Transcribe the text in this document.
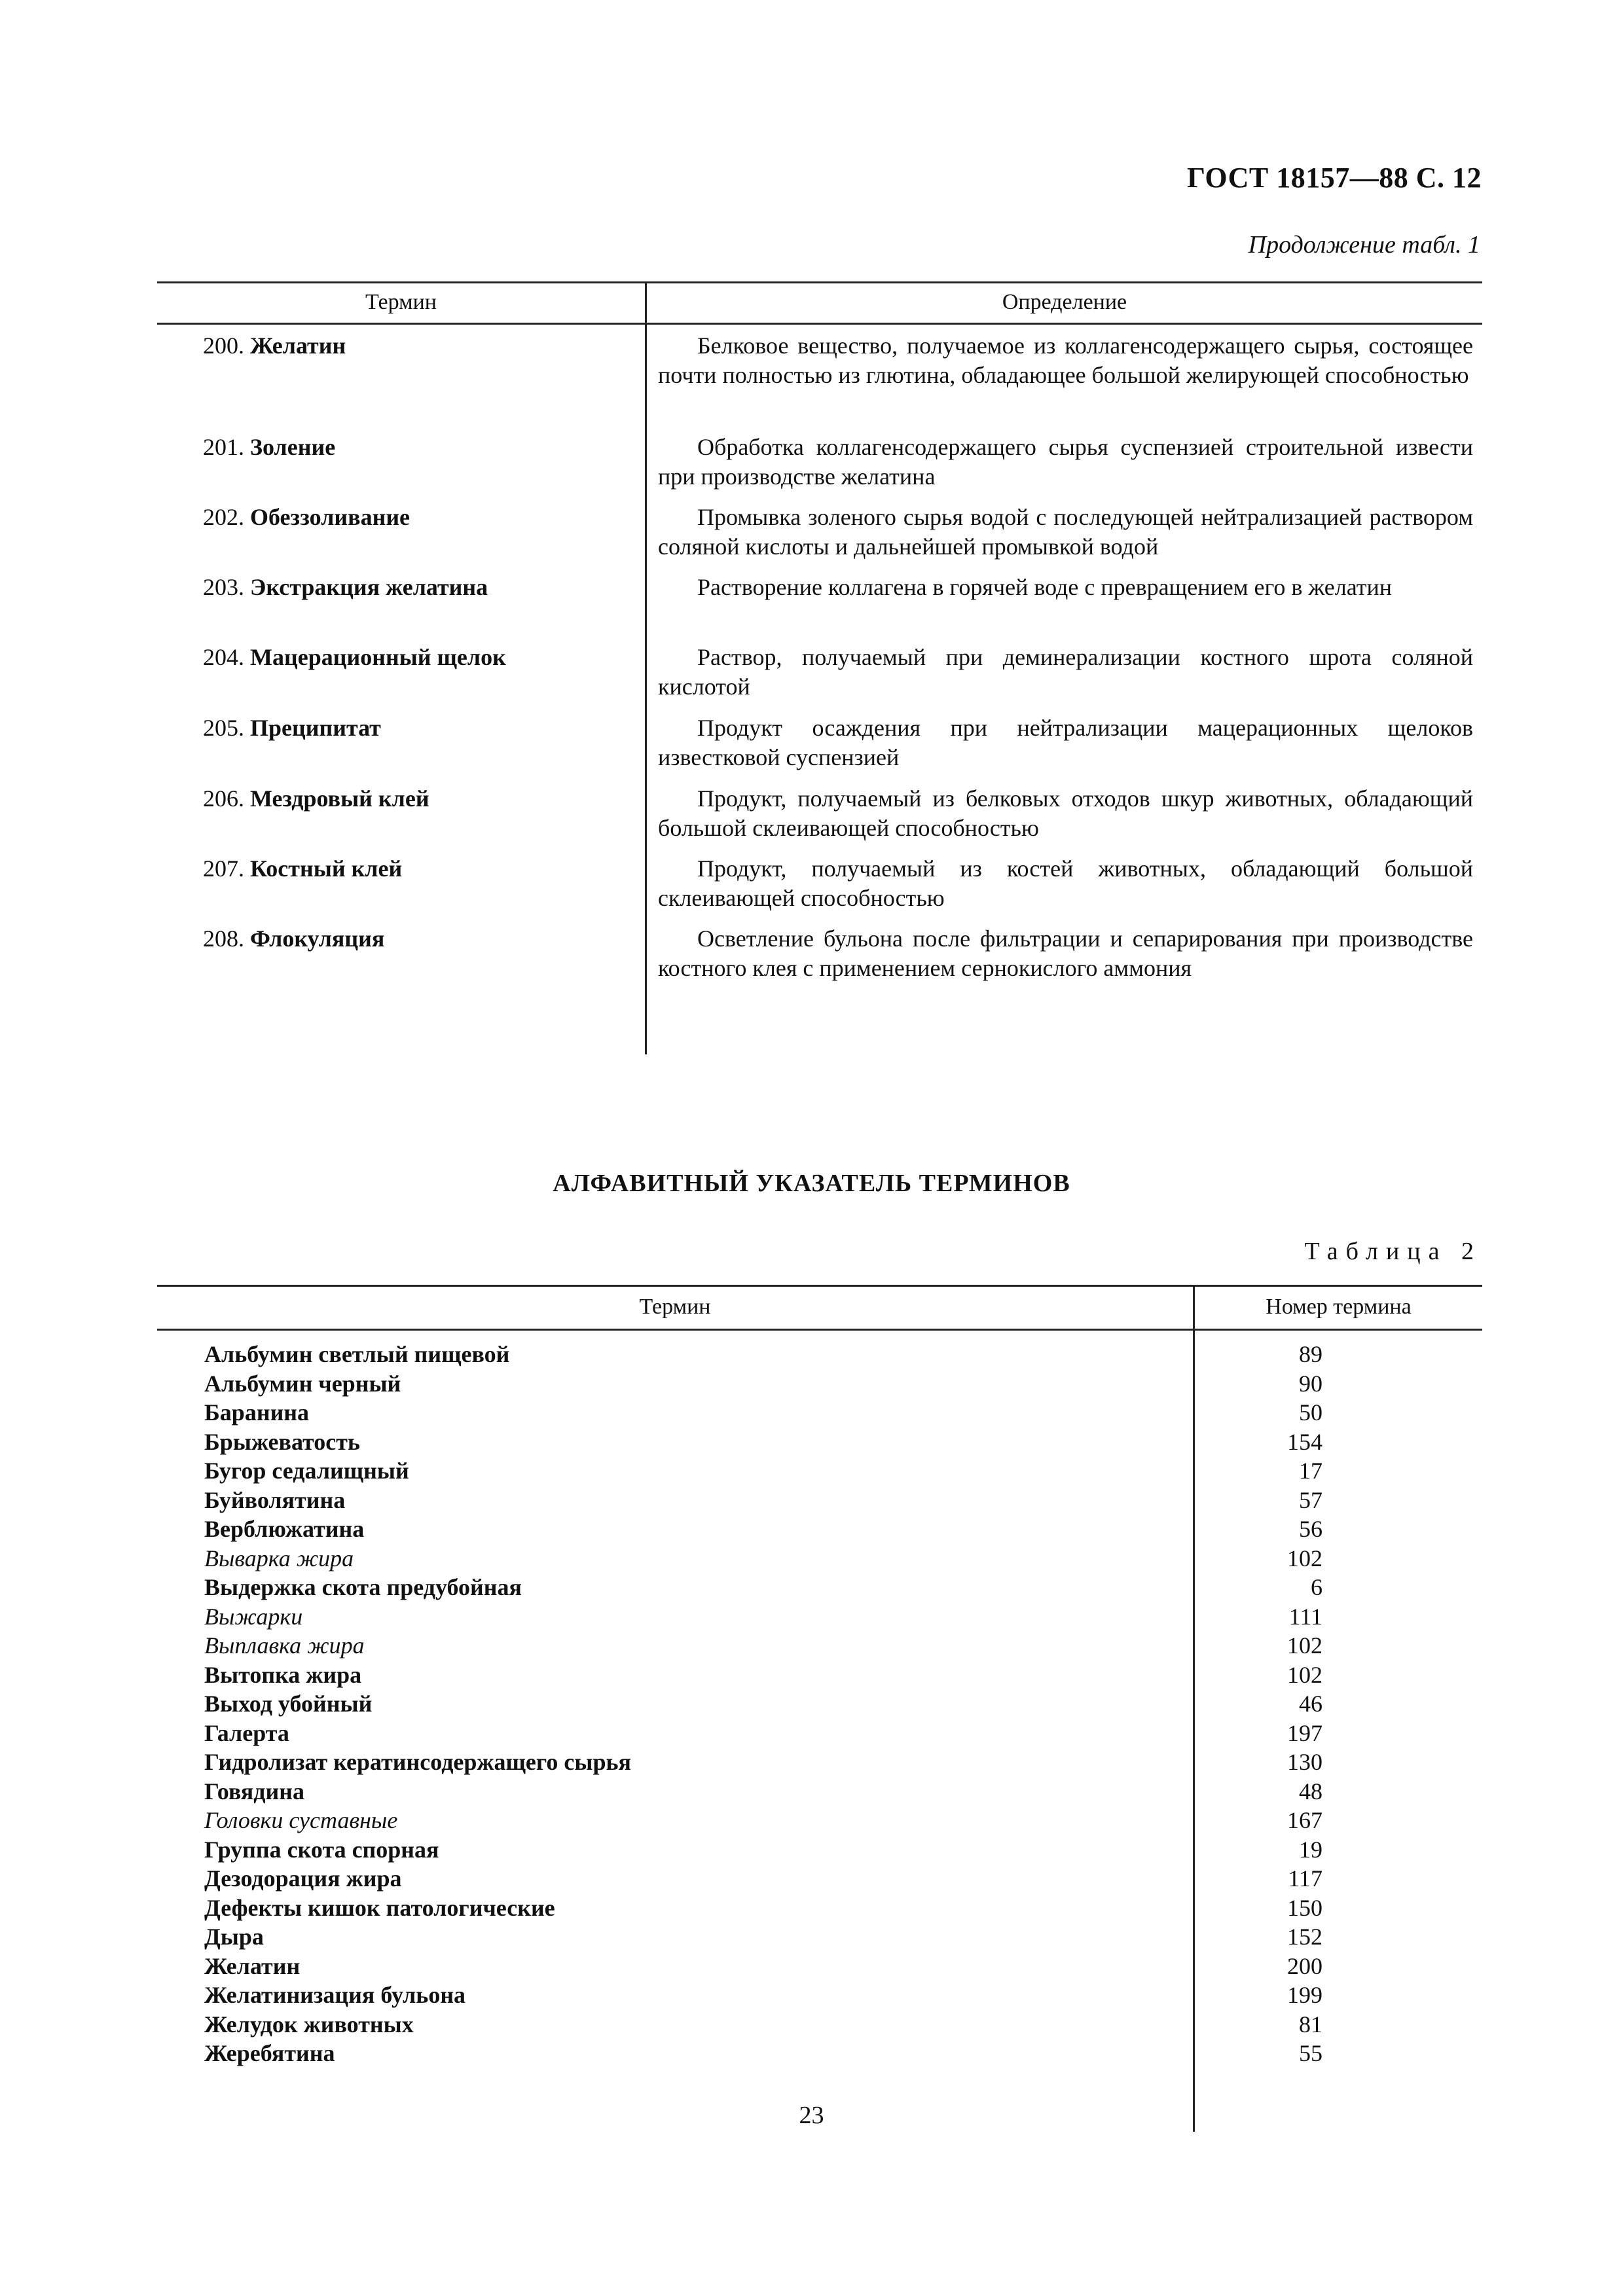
ГОСТ 18157—88 С. 12
Продолжение табл. 1
Термин	Определение
200. Желатин	Белковое вещество, получаемое из коллагенсодержащего сырья, состоящее почти полностью из глютина, обладающее большой желирующей способностью
201. Золение	Обработка коллагенсодержащего сырья суспензией строительной извести при производстве желатина
202. Обеззоливание	Промывка золеного сырья водой с последующей нейтрализацией раствором соляной кислоты и дальнейшей промывкой водой
203. Экстракция желатина	Растворение коллагена в горячей воде с превращением его в желатин
204. Мацерационный щелок	Раствор, получаемый при деминерализации костного шрота соляной кислотой
205. Преципитат	Продукт осаждения при нейтрализации мацерационных щелоков известковой суспензией
206. Мездровый клей	Продукт, получаемый из белковых отходов шкур животных, обладающий большой склеивающей способностью
207. Костный клей	Продукт, получаемый из костей животных, обладающий большой склеивающей способностью
208. Флокуляция	Осветление бульона после фильтрации и сепарирования при производстве костного клея с применением сернокислого аммония
АЛФАВИТНЫЙ УКАЗАТЕЛЬ ТЕРМИНОВ
Таблица 2
Термин	Номер термина
Альбумин светлый пищевой	89
Альбумин черный	90
Баранина	50
Брыжеватость	154
Бугор седалищный	17
Буйволятина	57
Верблюжатина	56
Выварка жира	102
Выдержка скота предубойная	6
Выжарки	111
Выплавка жира	102
Вытопка жира	102
Выход убойный	46
Галерта	197
Гидролизат кератинсодержащего сырья	130
Говядина	48
Головки суставные	167
Группа скота спорная	19
Дезодорация жира	117
Дефекты кишок патологические	150
Дыра	152
Желатин	200
Желатинизация бульона	199
Желудок животных	81
Жеребятина	55
23
